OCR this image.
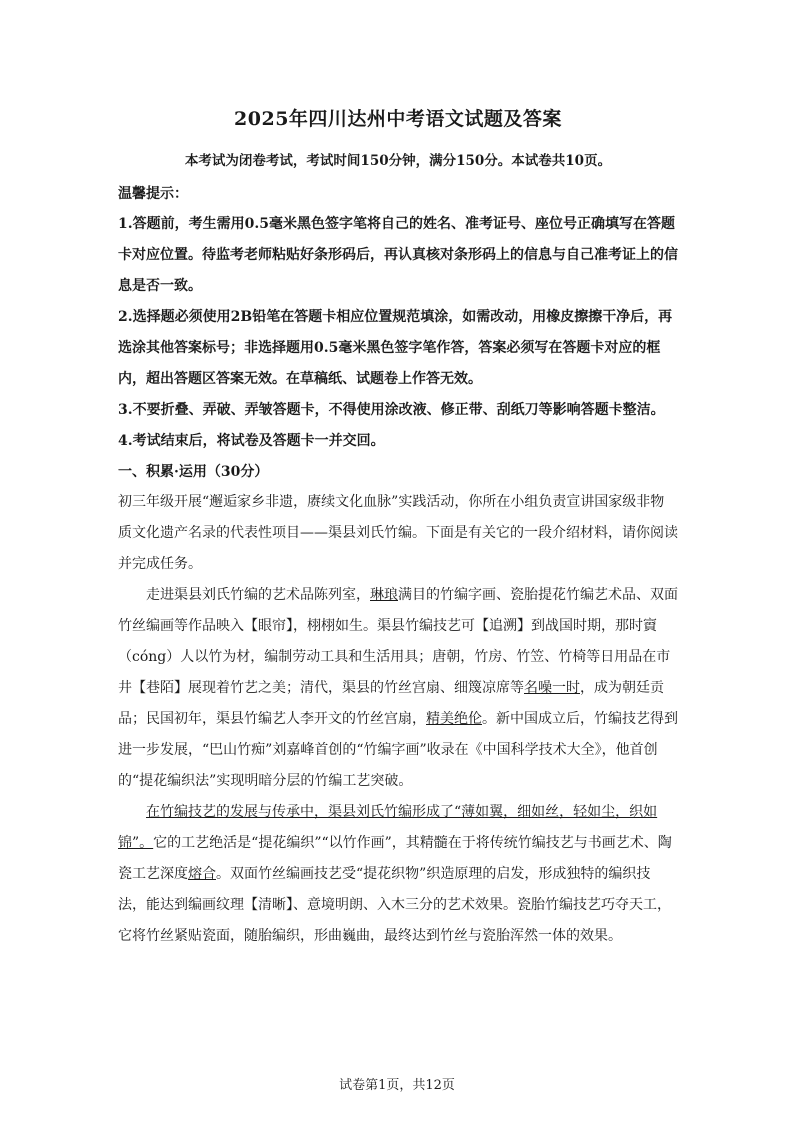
2025年四川达州中考语文试题及答案

本考试为闭卷考试，考试时间150分钟，满分150分。本试卷共10页。

温馨提示：

1.答题前，考生需用0.5毫米黑色签字笔将自己的姓名、准考证号、座位号正确填写在答题卡对应位置。待监考老师粘贴好条形码后，再认真核对条形码上的信息与自己准考证上的信息是否一致。

2.选择题必须使用2B铅笔在答题卡相应位置规范填涂，如需改动，用橡皮擦擦干净后，再选涂其他答案标号；非选择题用0.5毫米黑色签字笔作答，答案必须写在答题卡对应的框内，超出答题区答案无效。在草稿纸、试题卷上作答无效。

3.不要折叠、弄破、弄皱答题卡，不得使用涂改液、修正带、刮纸刀等影响答题卡整洁。

4.考试结束后，将试卷及答题卡一并交回。

一、积累·运用（30分）

初三年级开展“邂逅家乡非遗，赓续文化血脉”实践活动，你所在小组负责宣讲国家级非物质文化遗产名录的代表性项目——渠县刘氏竹编。下面是有关它的一段介绍材料，请你阅读并完成任务。

走进渠县刘氏竹编的艺术品陈列室，琳琅满目的竹编字画、瓷胎提花竹编艺术品、双面竹丝编画等作品映入【眼帘】，栩栩如生。渠县竹编技艺可【追溯】到战国时期，那时賨（cóng）人以竹为材，编制劳动工具和生活用具；唐朝，竹房、竹笠、竹椅等日用品在市井【巷陌】展现着竹艺之美；清代，渠县的竹丝宫扇、细篾凉席等名噪一时，成为朝廷贡品；民国初年，渠县竹编艺人李开文的竹丝宫扇，精美绝伦。新中国成立后，竹编技艺得到进一步发展，“巴山竹痴”刘嘉峰首创的“竹编字画”收录在《中国科学技术大全》，他首创的“提花编织法”实现明暗分层的竹编工艺突破。

在竹编技艺的发展与传承中，渠县刘氏竹编形成了“薄如翼，细如丝，轻如尘，织如锦”。它的工艺绝活是“提花编织”“以竹作画”，其精髓在于将传统竹编技艺与书画艺术、陶瓷工艺深度熔合。双面竹丝编画技艺受“提花织物”织造原理的启发，形成独特的编织技法，能达到编画纹理【清晰】、意境明朗、入木三分的艺术效果。瓷胎竹编技艺巧夺天工，它将竹丝紧贴瓷面，随胎编织，形曲巍曲，最终达到竹丝与瓷胎浑然一体的效果。

试卷第1页，共12页
